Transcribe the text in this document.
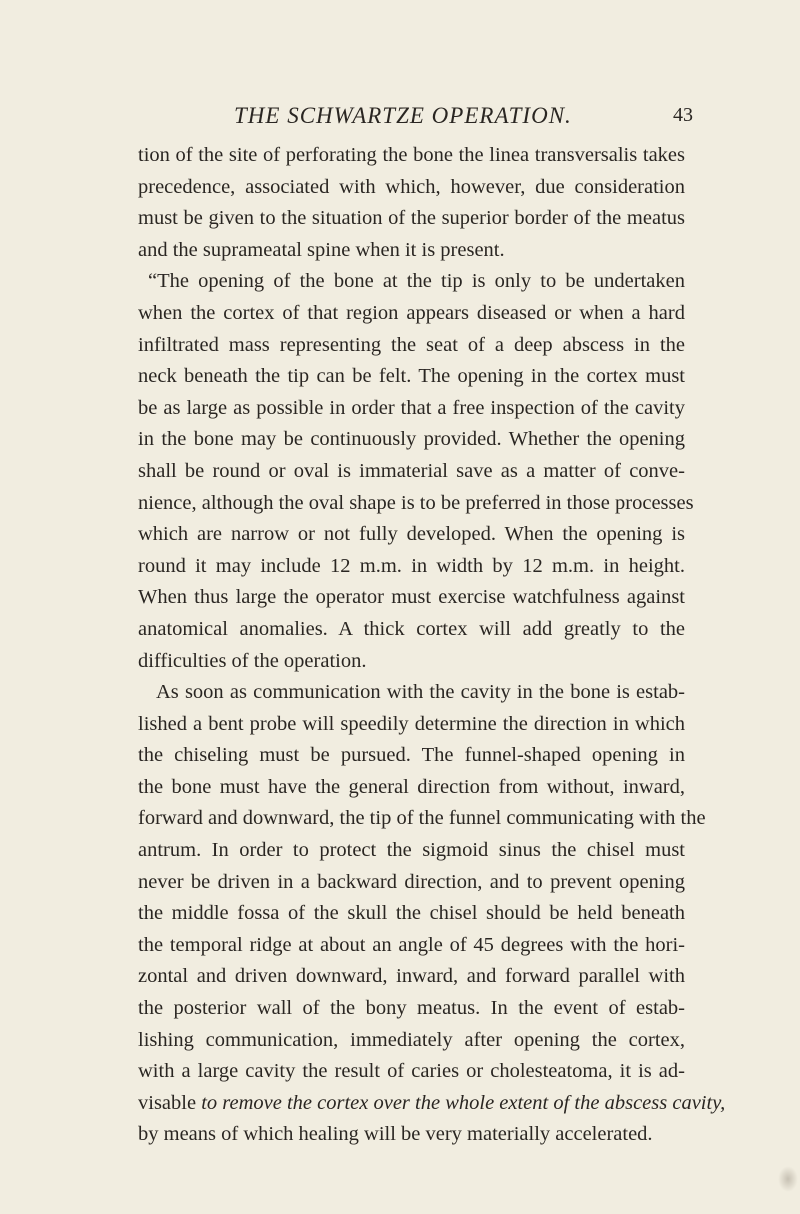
THE SCHWARTZE OPERATION.	43
tion of the site of perforating the bone the linea transversalis takes
precedence, associated with which, however, due consideration
must be given to the situation of the superior border of the meatus
and the suprameatal spine when it is present.
“The opening of the bone at the tip is only to be undertaken
when the cortex of that region appears diseased or when a hard
infiltrated mass representing the seat of a deep abscess in the
neck beneath the tip can be felt. The opening in the cortex must
be as large as possible in order that a free inspection of the cavity
in the bone may be continuously provided. Whether the opening
shall be round or oval is immaterial save as a matter of conve-
nience, although the oval shape is to be preferred in those processes
which are narrow or not fully developed. When the opening is
round it may include 12 m.m. in width by 12 m.m. in height.
When thus large the operator must exercise watchfulness against
anatomical anomalies. A thick cortex will add greatly to the
difficulties of the operation.
As soon as communication with the cavity in the bone is estab-
lished a bent probe will speedily determine the direction in which
the chiseling must be pursued. The funnel-shaped opening in
the bone must have the general direction from without, inward,
forward and downward, the tip of the funnel communicating with the
antrum. In order to protect the sigmoid sinus the chisel must
never be driven in a backward direction, and to prevent opening
the middle fossa of the skull the chisel should be held beneath
the temporal ridge at about an angle of 45 degrees with the hori-
zontal and driven downward, inward, and forward parallel with
the posterior wall of the bony meatus. In the event of estab-
lishing communication, immediately after opening the cortex,
with a large cavity the result of caries or cholesteatoma, it is ad-
visable to remove the cortex over the whole extent of the abscess cavity,
by means of which healing will be very materially accelerated.
